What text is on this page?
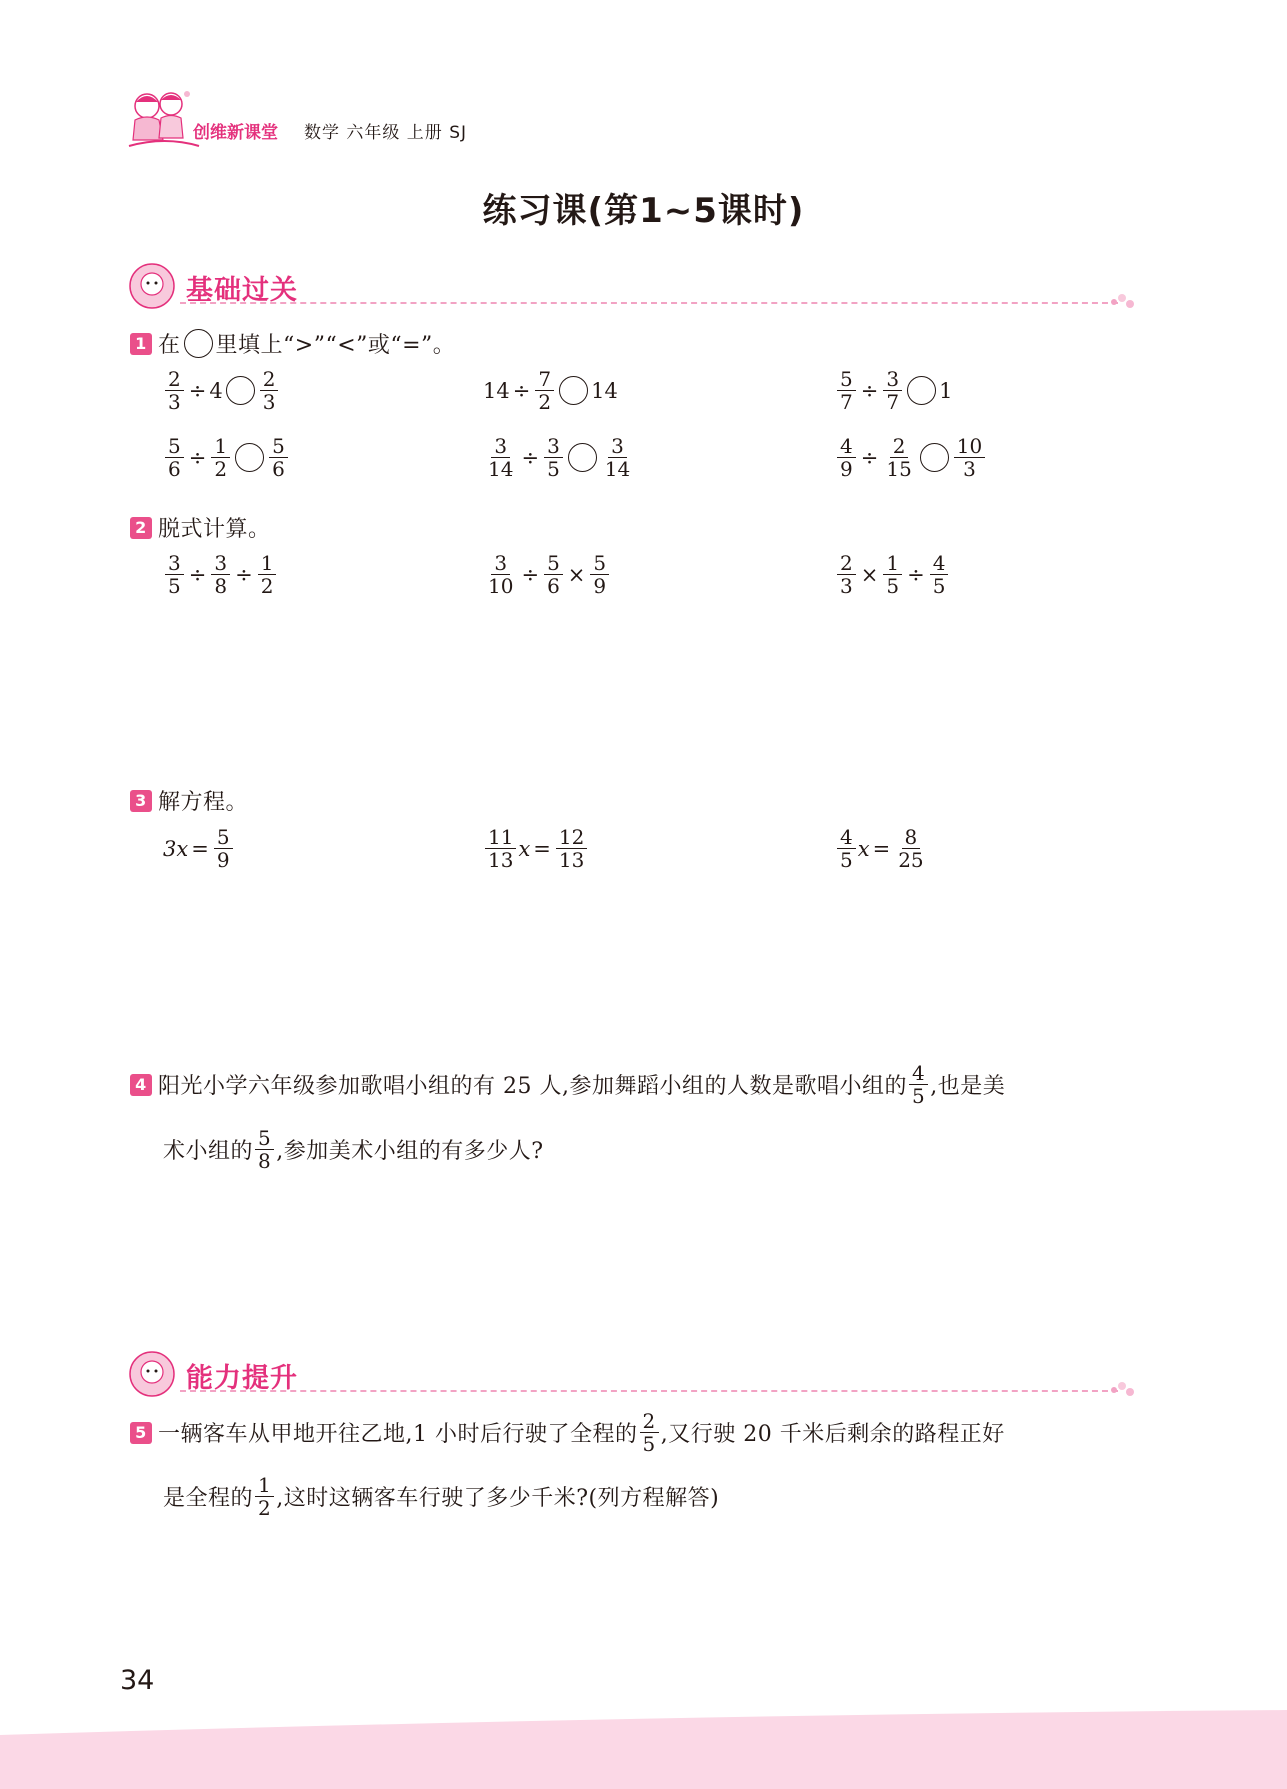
创维新课堂 数学 六年级 上册 SJ
练习课(第1~5课时)
基础过关
1 在 里填上“>”“<”或“=”。
$\frac{2}{3} \div 4 \frac{2}{3}$	$14 \div \frac{7}{2} 14$	$\frac{5}{7} \div \frac{3}{7} 1$
$\frac{5}{6} \div \frac{1}{2} \frac{5}{6}$	$\frac{3}{14} \div \frac{3}{5} \frac{3}{14}$	$\frac{4}{9} \div \frac{2}{15} \frac{10}{3}$
2 脱式计算。
$\frac{3}{5} \div \frac{3}{8} \div \frac{1}{2}$	$\frac{3}{10} \div \frac{5}{6} \times \frac{5}{9}$	$\frac{2}{3} \times \frac{1}{5} \div \frac{4}{5}$
3 解方程。
$3x = \frac{5}{9}$	$\frac{11}{13}$ $x = \frac{12}{13}$	$\frac{4}{5}$ $x = \frac{8}{25}$
4 阳光小学六年级参加歌唱小组的有 25 人,参加舞蹈小组的人数是歌唱小组的 $\frac{4}{5}$ ,也是美
术小组的 $\frac{5}{8}$ ,参加美术小组的有多少人?
能力提升
5 一辆客车从甲地开往乙地,1 小时后行驶了全程的 $\frac{2}{5}$ ,又行驶 20 千米后剩余的路程正好
是全程的 $\frac{1}{2}$ ,这时这辆客车行驶了多少千米?(列方程解答)
34
